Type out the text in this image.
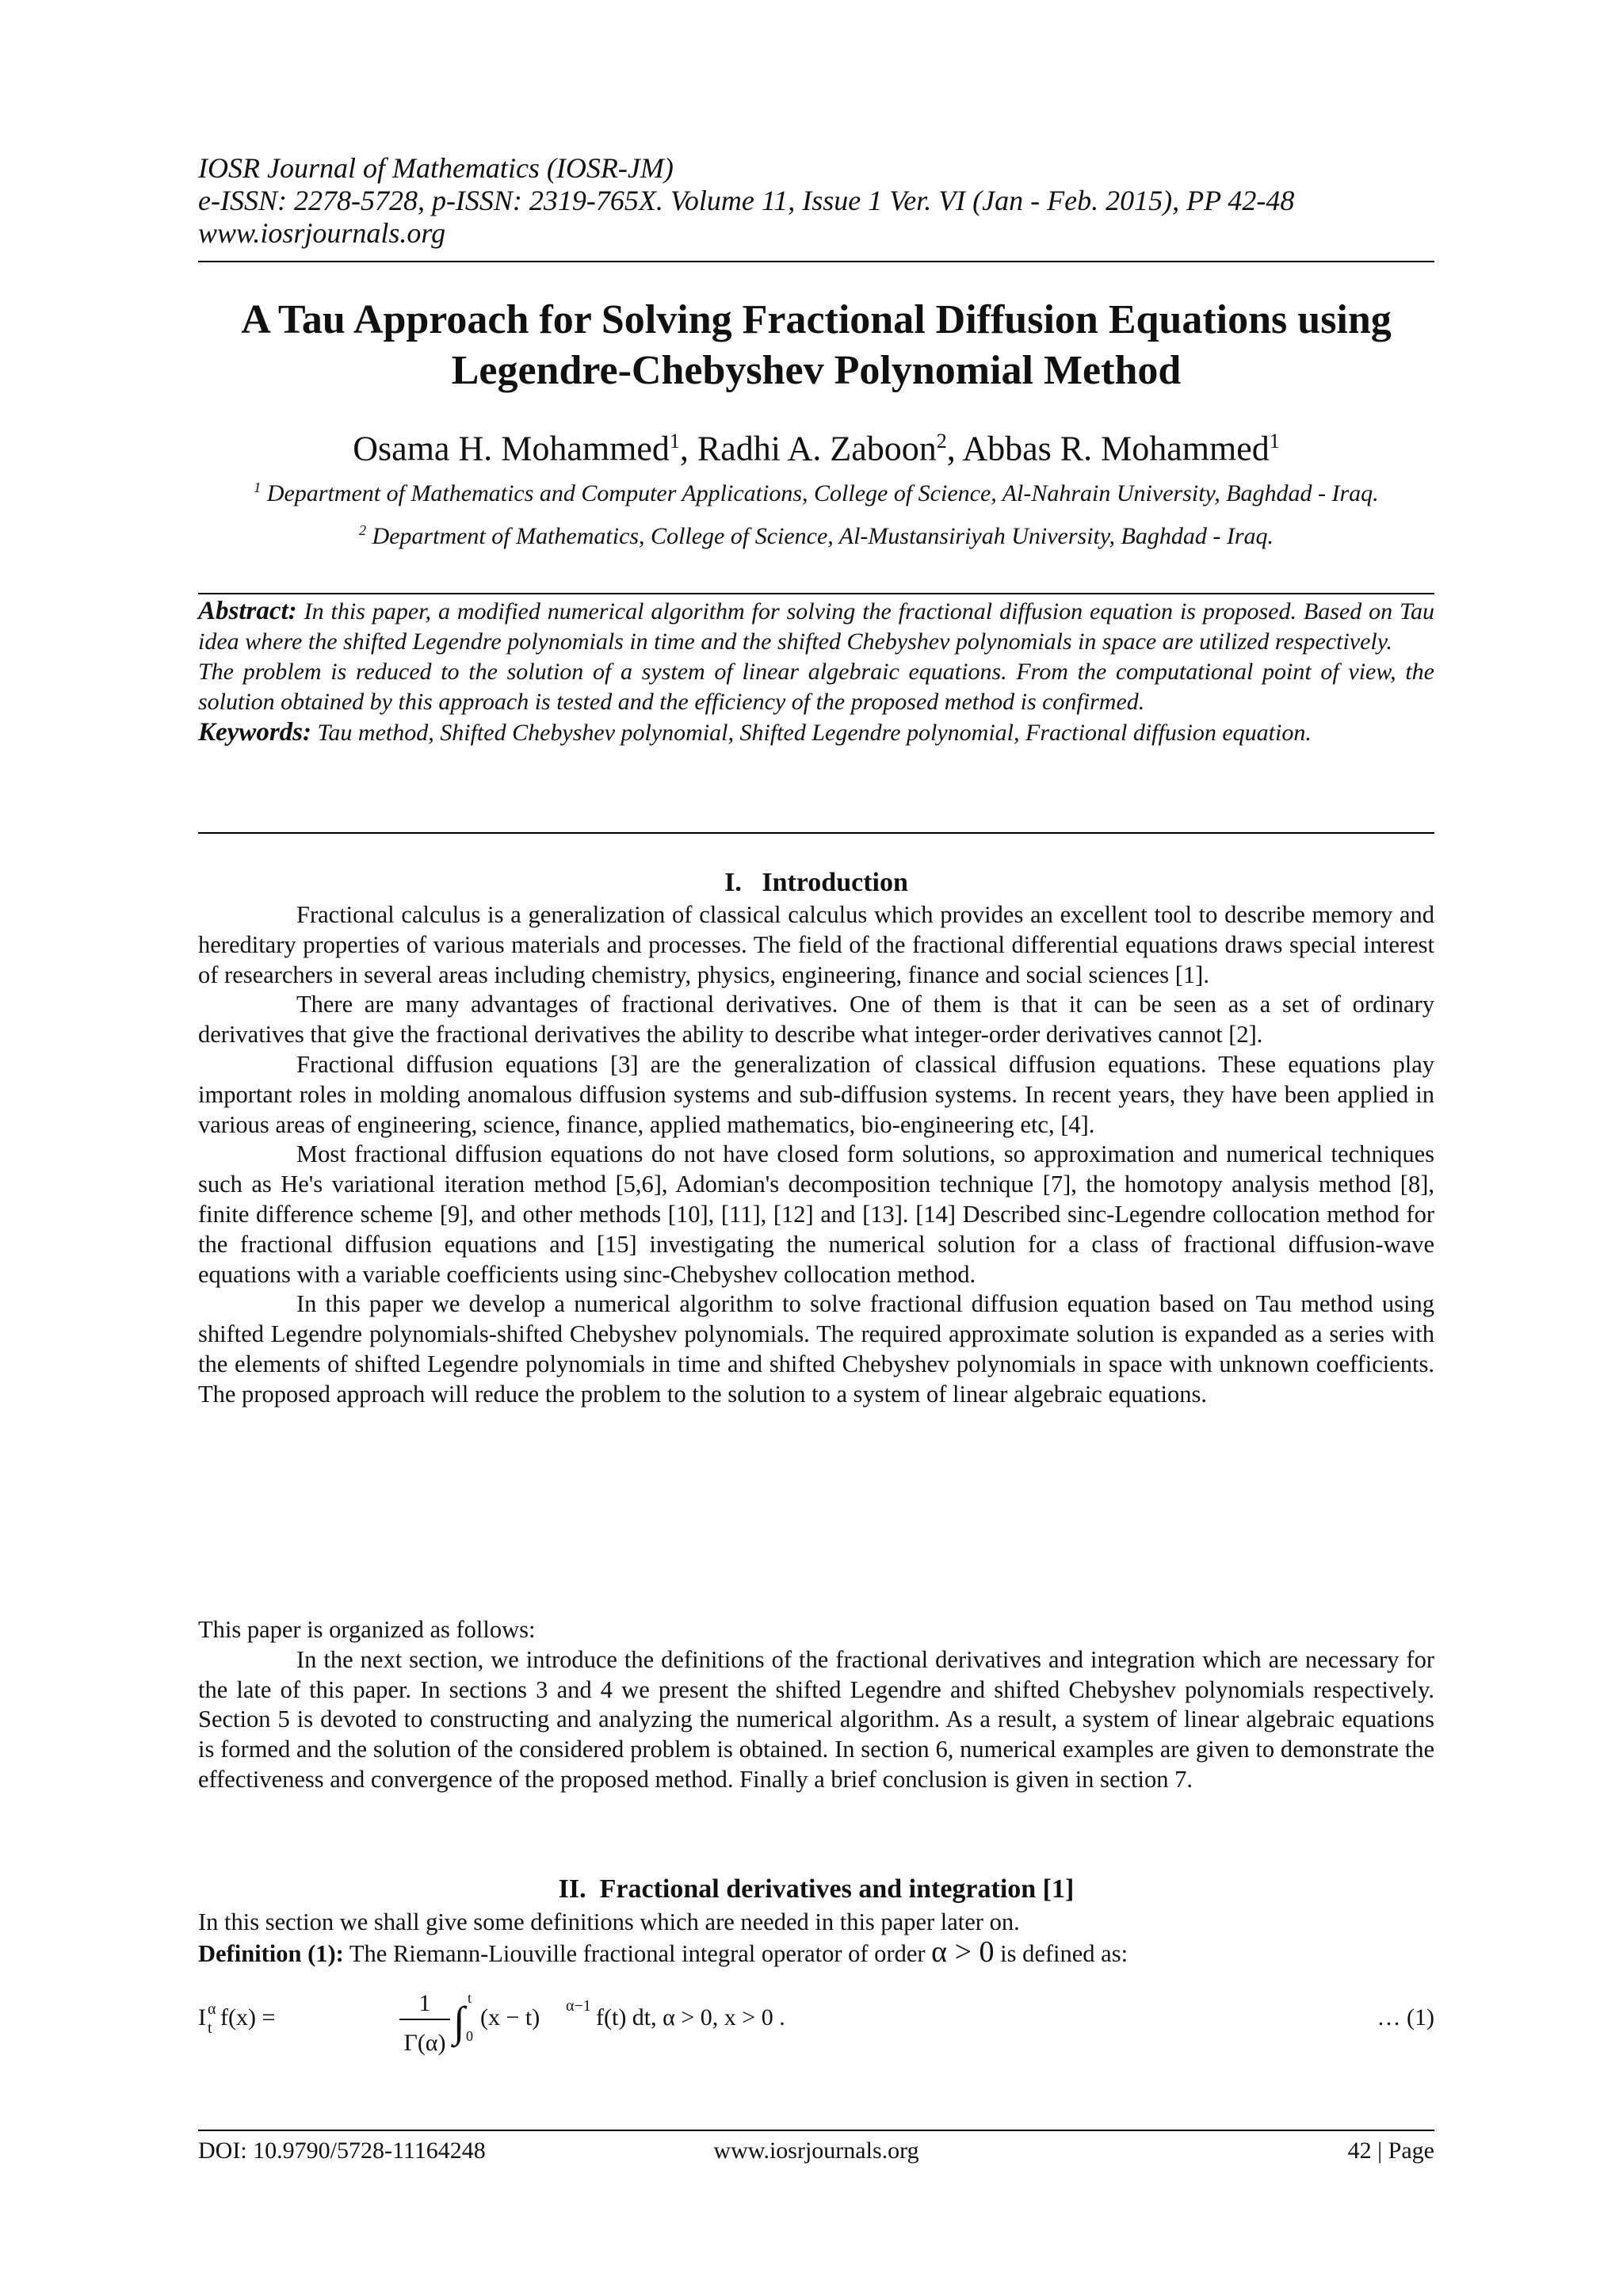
IOSR Journal of Mathematics (IOSR-JM)
e-ISSN: 2278-5728, p-ISSN: 2319-765X. Volume 11, Issue 1 Ver. VI (Jan - Feb. 2015), PP 42-48
www.iosrjournals.org
A Tau Approach for Solving Fractional Diffusion Equations using
Legendre-Chebyshev Polynomial Method
Osama H. Mohammed$^1$, Radhi A. Zaboon$^2$, Abbas R. Mohammed$^1$

$^1$ Department of Mathematics and Computer Applications, College of Science, Al-Nahrain University, Baghdad - Iraq.

$^2$ Department of Mathematics, College of Science, Al-Mustansiriyah University, Baghdad - Iraq.

Abstract: In this paper, a modified numerical algorithm for solving the fractional diffusion equation is proposed. Based on Tau idea where the shifted Legendre polynomials in time and the shifted Chebyshev polynomials in space are utilized respectively.

The problem is reduced to the solution of a system of linear algebraic equations. From the computational point of view, the solution obtained by this approach is tested and the efficiency of the proposed method is confirmed.

Keywords: Tau method, Shifted Chebyshev polynomial, Shifted Legendre polynomial, Fractional diffusion equation.

I.   Introduction

Fractional calculus is a generalization of classical calculus which provides an excellent tool to describe memory and hereditary properties of various materials and processes. The field of the fractional differential equations draws special interest of researchers in several areas including chemistry, physics, engineering, finance and social sciences [1].

There are many advantages of fractional derivatives. One of them is that it can be seen as a set of ordinary derivatives that give the fractional derivatives the ability to describe what integer-order derivatives cannot [2].

Fractional diffusion equations [3] are the generalization of classical diffusion equations. These equations play important roles in molding anomalous diffusion systems and sub-diffusion systems. In recent years, they have been applied in various areas of engineering, science, finance, applied mathematics, bio-engineering etc, [4].

Most fractional diffusion equations do not have closed form solutions, so approximation and numerical techniques such as He's variational iteration method [5,6], Adomian's decomposition technique [7], the homotopy analysis method [8], finite difference scheme [9], and other methods [10], [11], [12] and [13]. [14] Described sinc-Legendre collocation method for the fractional diffusion equations and [15] investigating the numerical solution for a class of fractional diffusion-wave equations with a variable coefficients using sinc-Chebyshev collocation method.

In this paper we develop a numerical algorithm to solve fractional diffusion equation based on Tau method using shifted Legendre polynomials-shifted Chebyshev polynomials. The required approximate solution is expanded as a series with the elements of shifted Legendre polynomials in time and shifted Chebyshev polynomials in space with unknown coefficients. The proposed approach will reduce the problem to the solution to a system of linear algebraic equations.

This paper is organized as follows:

In the next section, we introduce the definitions of the fractional derivatives and integration which are necessary for the late of this paper. In sections 3 and 4 we present the shifted Legendre and shifted Chebyshev polynomials respectively. Section 5 is devoted to constructing and analyzing the numerical algorithm. As a result, a system of linear algebraic equations is formed and the solution of the considered problem is obtained. In section 6, numerical examples are given to demonstrate the effectiveness and convergence of the proposed method. Finally a brief conclusion is given in section 7.

II.  Fractional derivatives and integration [1]

In this section we shall give some definitions which are needed in this paper later on.

Definition (1): The Riemann-Liouville fractional integral operator of order α > 0 is defined as:

I α
t f(x) =
1
Γ(α) ∫ t
0
(x − t) α−1 f(t) dt, α > 0, x > 0 .	… (1)
DOI: 10.9790/5728-11164248	www.iosrjournals.org	42 | Page
